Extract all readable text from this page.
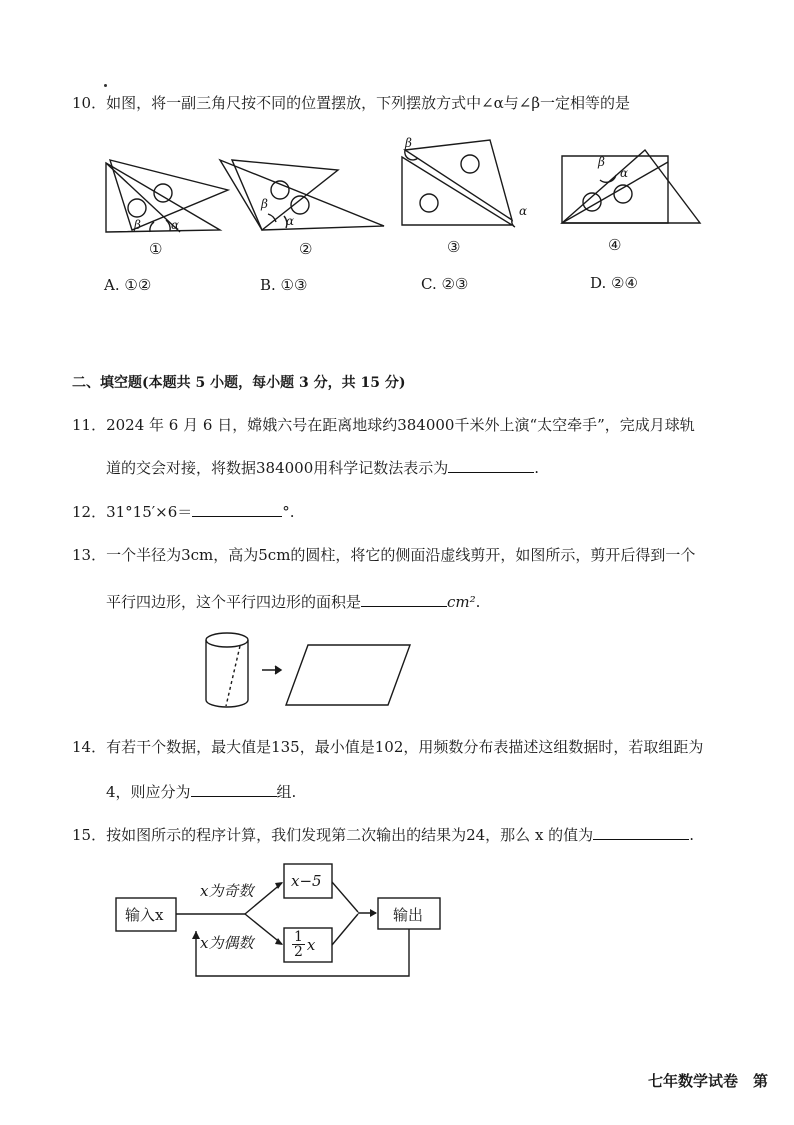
10．如图，将一副三角尺按不同的位置摆放，下列摆放方式中∠α与∠β一定相等的是
β	α
β
α
β
α
β
α
①	②	③	④
A. ①②	B. ①③	C. ②③	D. ②④
二、填空题(本题共 5 小题，每小题 3 分，共 15 分)
11．2024 年 6 月 6 日，嫦娥六号在距离地球约384000千米外上演“太空牵手”，完成月球轨
道的交会对接，将数据384000用科学记数法表示为	.
12．31°15′×6＝	°.
13．一个半径为3cm，高为5cm的圆柱，将它的侧面沿虚线剪开，如图所示，剪开后得到一个
平行四边形，这个平行四边形的面积是	cm².
14．有若干个数据，最大值是135，最小值是102，用频数分布表描述这组数据时，若取组距为
4，则应分为	组.
15．按如图所示的程序计算，我们发现第二次输出的结果为24，那么 x 的值为	.
输入x
x为奇数
x为偶数
x−5
$\frac{1}{2}$ x
输出
七年数学试卷　第
